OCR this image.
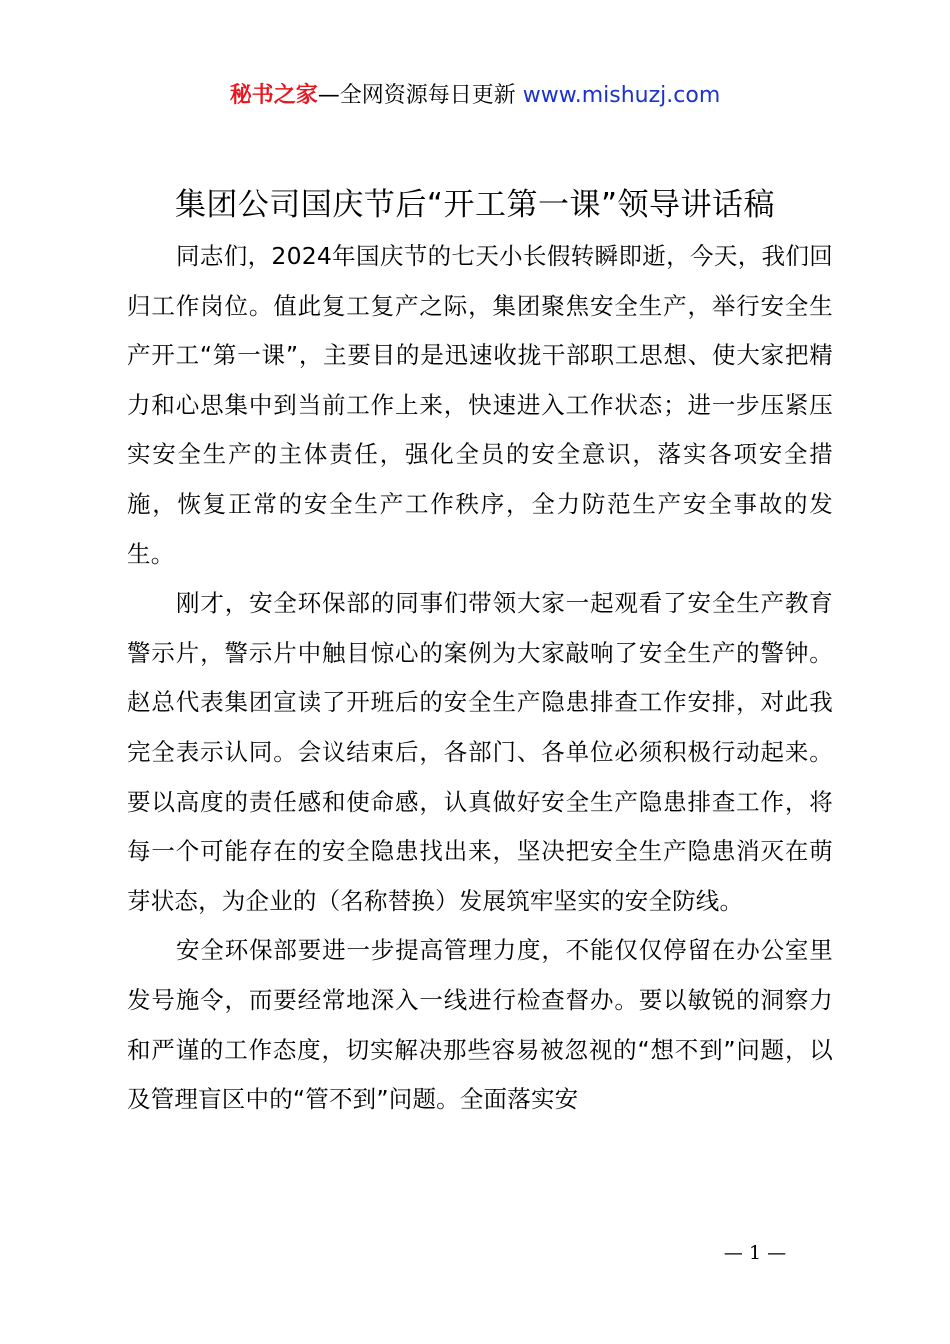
秘书之家—全网资源每日更新 www.mishuzj.com
集团公司国庆节后“开工第一课”领导讲话稿

同志们，2024年国庆节的七天小长假转瞬即逝，今天，我们回归工作岗位。值此复工复产之际，集团聚焦安全生产，举行安全生产开工“第一课”，主要目的是迅速收拢干部职工思想、使大家把精力和心思集中到当前工作上来，快速进入工作状态；进一步压紧压实安全生产的主体责任，强化全员的安全意识，落实各项安全措施，恢复正常的安全生产工作秩序，全力防范生产安全事故的发生。

刚才，安全环保部的同事们带领大家一起观看了安全生产教育警示片，警示片中触目惊心的案例为大家敲响了安全生产的警钟。赵总代表集团宣读了开班后的安全生产隐患排查工作安排，对此我完全表示认同。会议结束后，各部门、各单位必须积极行动起来。要以高度的责任感和使命感，认真做好安全生产隐患排查工作，将每一个可能存在的安全隐患找出来，坚决把安全生产隐患消灭在萌芽状态，为企业的（名称替换）发展筑牢坚实的安全防线。

安全环保部要进一步提高管理力度，不能仅仅停留在办公室里发号施令，而要经常地深入一线进行检查督办。要以敏锐的洞察力和严谨的工作态度，切实解决那些容易被忽视的“想不到”问题，以及管理盲区中的“管不到”问题。全面落实安

— 1 —
